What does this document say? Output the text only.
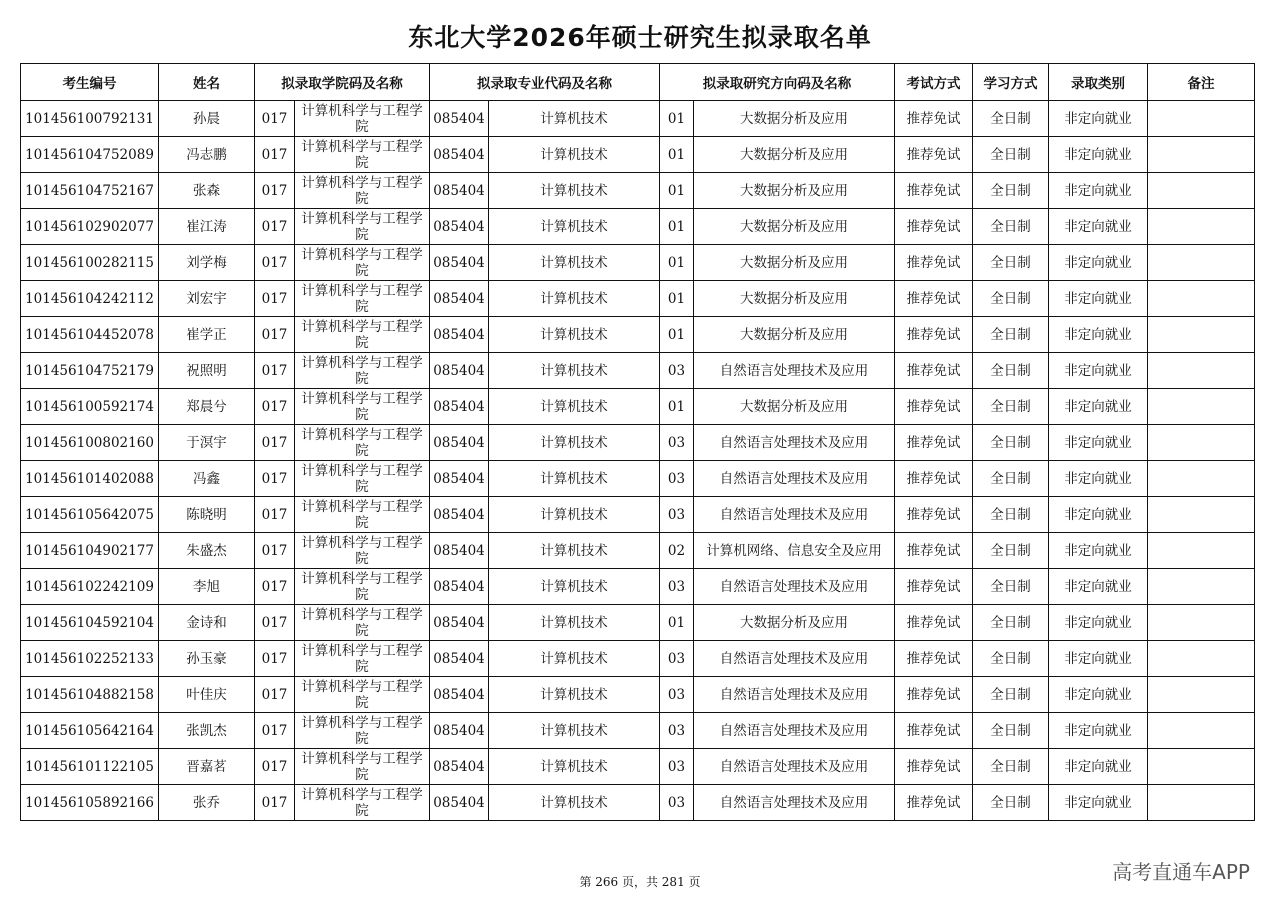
东北大学2026年硕士研究生拟录取名单
考生编号	姓名	拟录取学院码及名称		拟录取专业代码及名称		拟录取研究方向码及名称		考试方式	学习方式	录取类别	备注
101456100792131	孙晨	017	计算机科学与工程学院	085404	计算机技术	01	大数据分析及应用	推荐免试	全日制	非定向就业	
101456104752089	冯志鹏	017	计算机科学与工程学院	085404	计算机技术	01	大数据分析及应用	推荐免试	全日制	非定向就业	
101456104752167	张森	017	计算机科学与工程学院	085404	计算机技术	01	大数据分析及应用	推荐免试	全日制	非定向就业	
101456102902077	崔江涛	017	计算机科学与工程学院	085404	计算机技术	01	大数据分析及应用	推荐免试	全日制	非定向就业	
101456100282115	刘学梅	017	计算机科学与工程学院	085404	计算机技术	01	大数据分析及应用	推荐免试	全日制	非定向就业	
101456104242112	刘宏宇	017	计算机科学与工程学院	085404	计算机技术	01	大数据分析及应用	推荐免试	全日制	非定向就业	
101456104452078	崔学正	017	计算机科学与工程学院	085404	计算机技术	01	大数据分析及应用	推荐免试	全日制	非定向就业	
101456104752179	祝照明	017	计算机科学与工程学院	085404	计算机技术	03	自然语言处理技术及应用	推荐免试	全日制	非定向就业	
101456100592174	郑晨兮	017	计算机科学与工程学院	085404	计算机技术	01	大数据分析及应用	推荐免试	全日制	非定向就业	
101456100802160	于溟宇	017	计算机科学与工程学院	085404	计算机技术	03	自然语言处理技术及应用	推荐免试	全日制	非定向就业	
101456101402088	冯鑫	017	计算机科学与工程学院	085404	计算机技术	03	自然语言处理技术及应用	推荐免试	全日制	非定向就业	
101456105642075	陈晓明	017	计算机科学与工程学院	085404	计算机技术	03	自然语言处理技术及应用	推荐免试	全日制	非定向就业	
101456104902177	朱盛杰	017	计算机科学与工程学院	085404	计算机技术	02	计算机网络、信息安全及应用	推荐免试	全日制	非定向就业	
101456102242109	李旭	017	计算机科学与工程学院	085404	计算机技术	03	自然语言处理技术及应用	推荐免试	全日制	非定向就业	
101456104592104	金诗和	017	计算机科学与工程学院	085404	计算机技术	01	大数据分析及应用	推荐免试	全日制	非定向就业	
101456102252133	孙玉豪	017	计算机科学与工程学院	085404	计算机技术	03	自然语言处理技术及应用	推荐免试	全日制	非定向就业	
101456104882158	叶佳庆	017	计算机科学与工程学院	085404	计算机技术	03	自然语言处理技术及应用	推荐免试	全日制	非定向就业	
101456105642164	张凯杰	017	计算机科学与工程学院	085404	计算机技术	03	自然语言处理技术及应用	推荐免试	全日制	非定向就业	
101456101122105	晋嘉茗	017	计算机科学与工程学院	085404	计算机技术	03	自然语言处理技术及应用	推荐免试	全日制	非定向就业	
101456105892166	张乔	017	计算机科学与工程学院	085404	计算机技术	03	自然语言处理技术及应用	推荐免试	全日制	非定向就业	
第 266 页，共 281 页	高考直通车APP
